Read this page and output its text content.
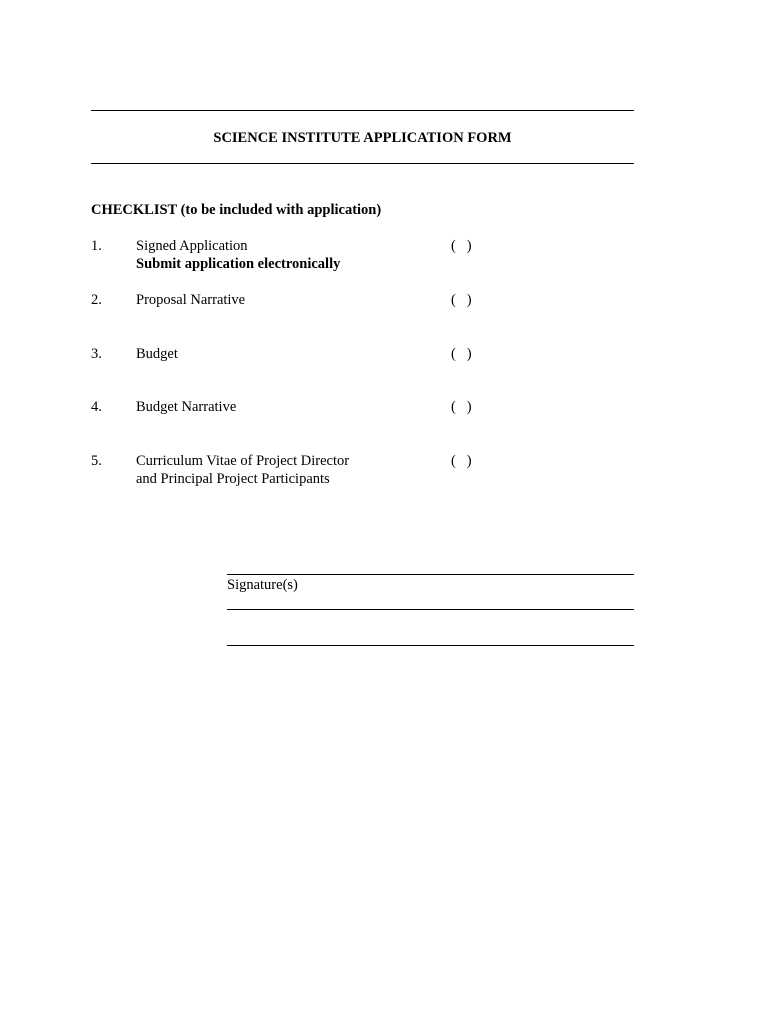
SCIENCE INSTITUTE APPLICATION FORM
CHECKLIST (to be included with application)
1. Signed Application
Submit application electronically
(   )
2. Proposal Narrative	(   )
3. Budget	(   )
4. Budget Narrative	(   )
5. Curriculum Vitae of Project Director
and Principal Project Participants
(   )
Signature(s)
